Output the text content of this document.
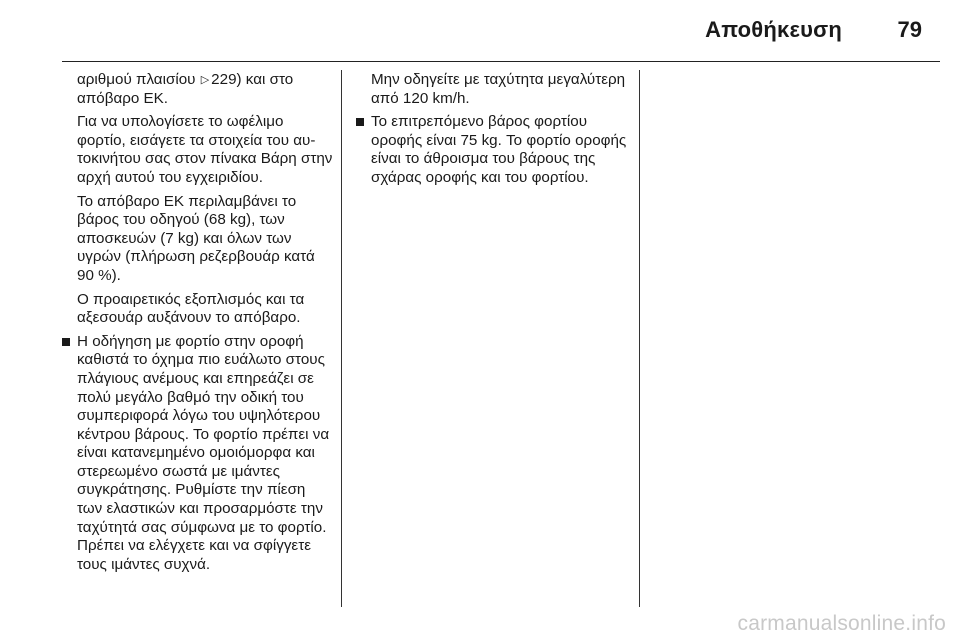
Αποθήκευση	79

αριθμού πλαισίου ▷ 229) και στο απόβαρο ΕΚ.

Για να υπολογίσετε το ωφέλιμο φορτίο, εισάγετε τα στοιχεία του αυτοκινήτου σας στον πίνακα Βάρη στην αρχή αυτού του εγχειριδίου.

Το απόβαρο ΕΚ περιλαμβάνει το βάρος του οδηγού (68 kg), των αποσκευών (7 kg) και όλων των υγρών (πλήρωση ρεζερβουάρ κατά 90 %).

Ο προαιρετικός εξοπλισμός και τα αξεσουάρ αυξάνουν το απόβαρο.

Η οδήγηση με φορτίο στην οροφή καθιστά το όχημα πιο ευάλωτο στους πλάγιους ανέμους και επηρεάζει σε πολύ μεγάλο βαθμό την οδική του συμπεριφορά λόγω του υψηλότερου κέντρου βάρους. Το φορτίο πρέπει να είναι κατανεμημένο ομοιόμορφα και στερεωμένο σωστά με ιμάντες συγκράτησης. Ρυθμίστε την πίεση των ελαστικών και προσαρμόστε την ταχύτητά σας σύμφωνα με το φορτίο. Πρέπει να ελέγχετε και να σφίγγετε τους ιμάντες συχνά.

Μην οδηγείτε με ταχύτητα μεγαλύτερη από 120 km/h.

Το επιτρεπόμενο βάρος φορτίου οροφής είναι 75 kg. Το φορτίο οροφής είναι το άθροισμα του βάρους της σχάρας οροφής και του φορτίου.
carmanualsonline.info
